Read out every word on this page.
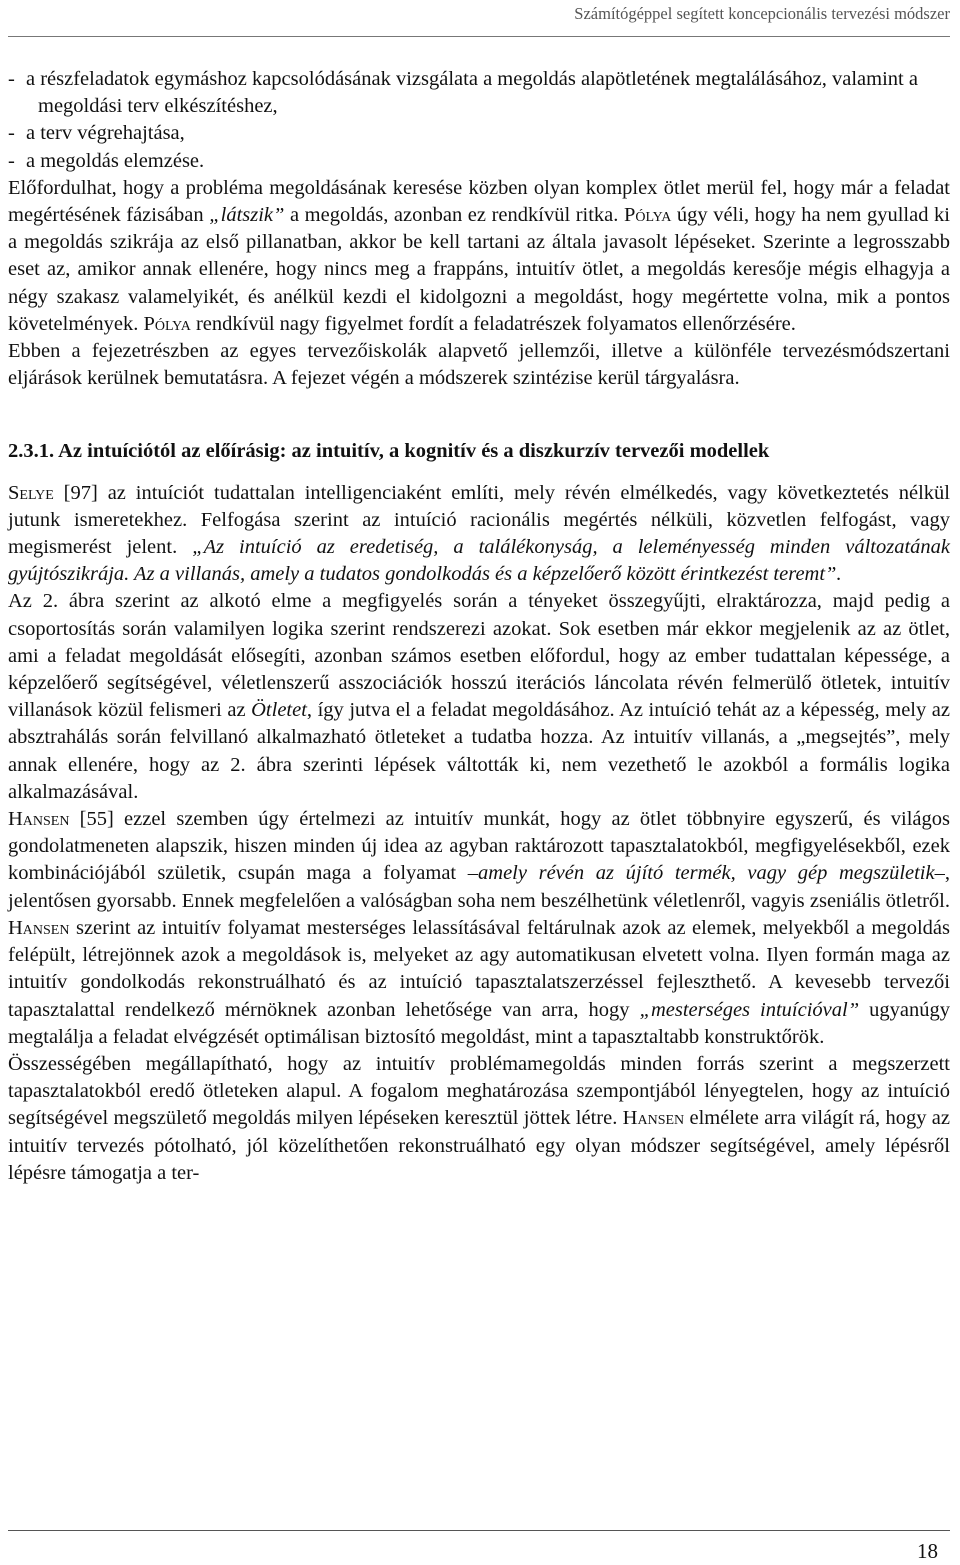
Számítógéppel segített koncepcionális tervezési módszer
- a részfeladatok egymáshoz kapcsolódásának vizsgálata a megoldás alapötletének megtalálásához, valamint a megoldási terv elkészítéshez,
- a terv végrehajtása,
- a megoldás elemzése.

Előfordulhat, hogy a probléma megoldásának keresése közben olyan komplex ötlet merül fel, hogy már a feladat megértésének fázisában „látszik” a megoldás, azonban ez rendkívül ritka. Pólya úgy véli, hogy ha nem gyullad ki a megoldás szikrája az első pillanatban, akkor be kell tartani az általa javasolt lépéseket. Szerinte a legrosszabb eset az, amikor annak ellenére, hogy nincs meg a frappáns, intuitív ötlet, a megoldás keresője mégis elhagyja a négy szakasz valamelyikét, és anélkül kezdi el kidolgozni a megoldást, hogy megértette volna, mik a pontos követelmények. Pólya rendkívül nagy figyelmet fordít a feladatrészek folyamatos ellenőrzésére.

Ebben a fejezetrészben az egyes tervezőiskolák alapvető jellemzői, illetve a különféle tervezésmódszertani eljárások kerülnek bemutatásra. A fejezet végén a módszerek szintézise kerül tárgyalásra.

2.3.1. Az intuíciótól az előírásig: az intuitív, a kognitív és a diszkurzív tervezői modellek

Selye [97] az intuíciót tudattalan intelligenciaként említi, mely révén elmélkedés, vagy következtetés nélkül jutunk ismeretekhez. Felfogása szerint az intuíció racionális megértés nélküli, közvetlen felfogást, vagy megismerést jelent. „Az intuíció az eredetiség, a találékonyság, a leleményesség minden változatának gyújtószikrája. Az a villanás, amely a tudatos gondolkodás és a képzelőerő között érintkezést teremt”.

Az 2. ábra szerint az alkotó elme a megfigyelés során a tényeket összegyűjti, elraktározza, majd pedig a csoportosítás során valamilyen logika szerint rendszerezi azokat. Sok esetben már ekkor megjelenik az az ötlet, ami a feladat megoldását elősegíti, azonban számos esetben előfordul, hogy az ember tudattalan képessége, a képzelőerő segítségével, véletlenszerű asszociációk hosszú iterációs láncolata révén felmerülő ötletek, intuitív villanások közül felismeri az Ötletet, így jutva el a feladat megoldásához. Az intuíció tehát az a képesség, mely az absztrahálás során felvillanó alkalmazható ötleteket a tudatba hozza. Az intuitív villanás, a „megsejtés”, mely annak ellenére, hogy az 2. ábra szerinti lépések váltották ki, nem vezethető le azokból a formális logika alkalmazásával.

Hansen [55] ezzel szemben úgy értelmezi az intuitív munkát, hogy az ötlet többnyire egyszerű, és világos gondolatmeneten alapszik, hiszen minden új idea az agyban raktározott tapasztalatokból, megfigyelésekből, ezek kombinációjából születik, csupán maga a folyamat –amely révén az újító termék, vagy gép megszületik–, jelentősen gyorsabb. Ennek megfelelően a valóságban soha nem beszélhetünk véletlenről, vagyis zseniális ötletről. Hansen szerint az intuitív folyamat mesterséges lelassításával feltárulnak azok az elemek, melyekből a megoldás felépült, létrejönnek azok a megoldások is, melyeket az agy automatikusan elvetett volna. Ilyen formán maga az intuitív gondolkodás rekonstruálható és az intuíció tapasztalatszerzéssel fejleszthető. A kevesebb tervezői tapasztalattal rendelkező mérnöknek azonban lehetősége van arra, hogy „mesterséges intuícióval” ugyanúgy megtalálja a feladat elvégzését optimálisan biztosító megoldást, mint a tapasztaltabb konstruktőrök.

Összességében megállapítható, hogy az intuitív problémamegoldás minden forrás szerint a megszerzett tapasztalatokból eredő ötleteken alapul. A fogalom meghatározása szempontjából lényegtelen, hogy az intuíció segítségével megszülető megoldás milyen lépéseken keresztül jöttek létre. Hansen elmélete arra világít rá, hogy az intuitív tervezés pótolható, jól közelíthetően rekonstruálható egy olyan módszer segítségével, amely lépésről lépésre támogatja a ter-

18
